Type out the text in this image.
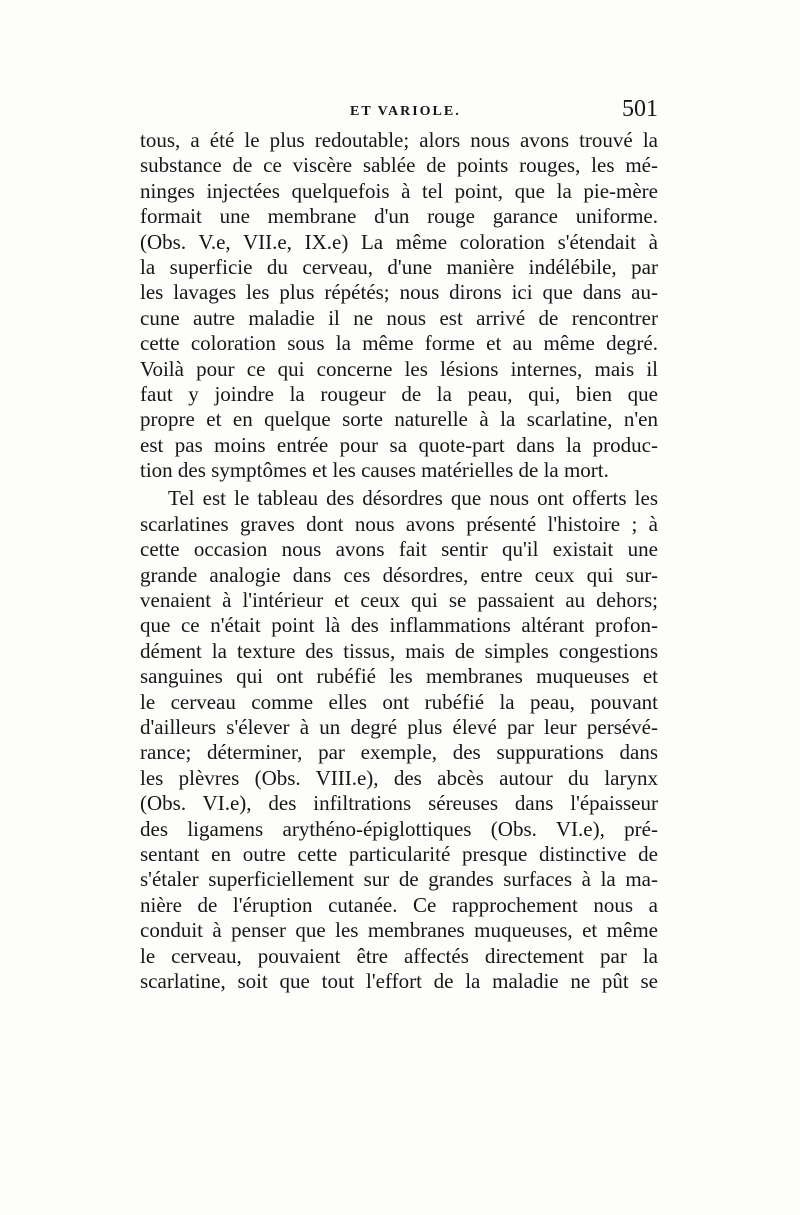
ET VARIOLE.	501
tous, a été le plus redoutable; alors nous avons trouvé la
substance de ce viscère sablée de points rouges, les mé-
ninges injectées quelquefois à tel point, que la pie-mère
formait une membrane d'un rouge garance uniforme.
(Obs. V.e, VII.e, IX.e) La même coloration s'étendait à
la superficie du cerveau, d'une manière indélébile, par
les lavages les plus répétés; nous dirons ici que dans au-
cune autre maladie il ne nous est arrivé de rencontrer
cette coloration sous la même forme et au même degré.
Voilà pour ce qui concerne les lésions internes, mais il
faut y joindre la rougeur de la peau, qui, bien que
propre et en quelque sorte naturelle à la scarlatine, n'en
est pas moins entrée pour sa quote-part dans la produc-
tion des symptômes et les causes matérielles de la mort.
Tel est le tableau des désordres que nous ont offerts les
scarlatines graves dont nous avons présenté l'histoire ; à
cette occasion nous avons fait sentir qu'il existait une
grande analogie dans ces désordres, entre ceux qui sur-
venaient à l'intérieur et ceux qui se passaient au dehors;
que ce n'était point là des inflammations altérant profon-
dément la texture des tissus, mais de simples congestions
sanguines qui ont rubéfié les membranes muqueuses et
le cerveau comme elles ont rubéfié la peau, pouvant
d'ailleurs s'élever à un degré plus élevé par leur persévé-
rance; déterminer, par exemple, des suppurations dans
les plèvres (Obs. VIII.e), des abcès autour du larynx
(Obs. VI.e), des infiltrations séreuses dans l'épaisseur
des ligamens arythéno-épiglottiques (Obs. VI.e), pré-
sentant en outre cette particularité presque distinctive de
s'étaler superficiellement sur de grandes surfaces à la ma-
nière de l'éruption cutanée. Ce rapprochement nous a
conduit à penser que les membranes muqueuses, et même
le cerveau, pouvaient être affectés directement par la
scarlatine, soit que tout l'effort de la maladie ne pût se
